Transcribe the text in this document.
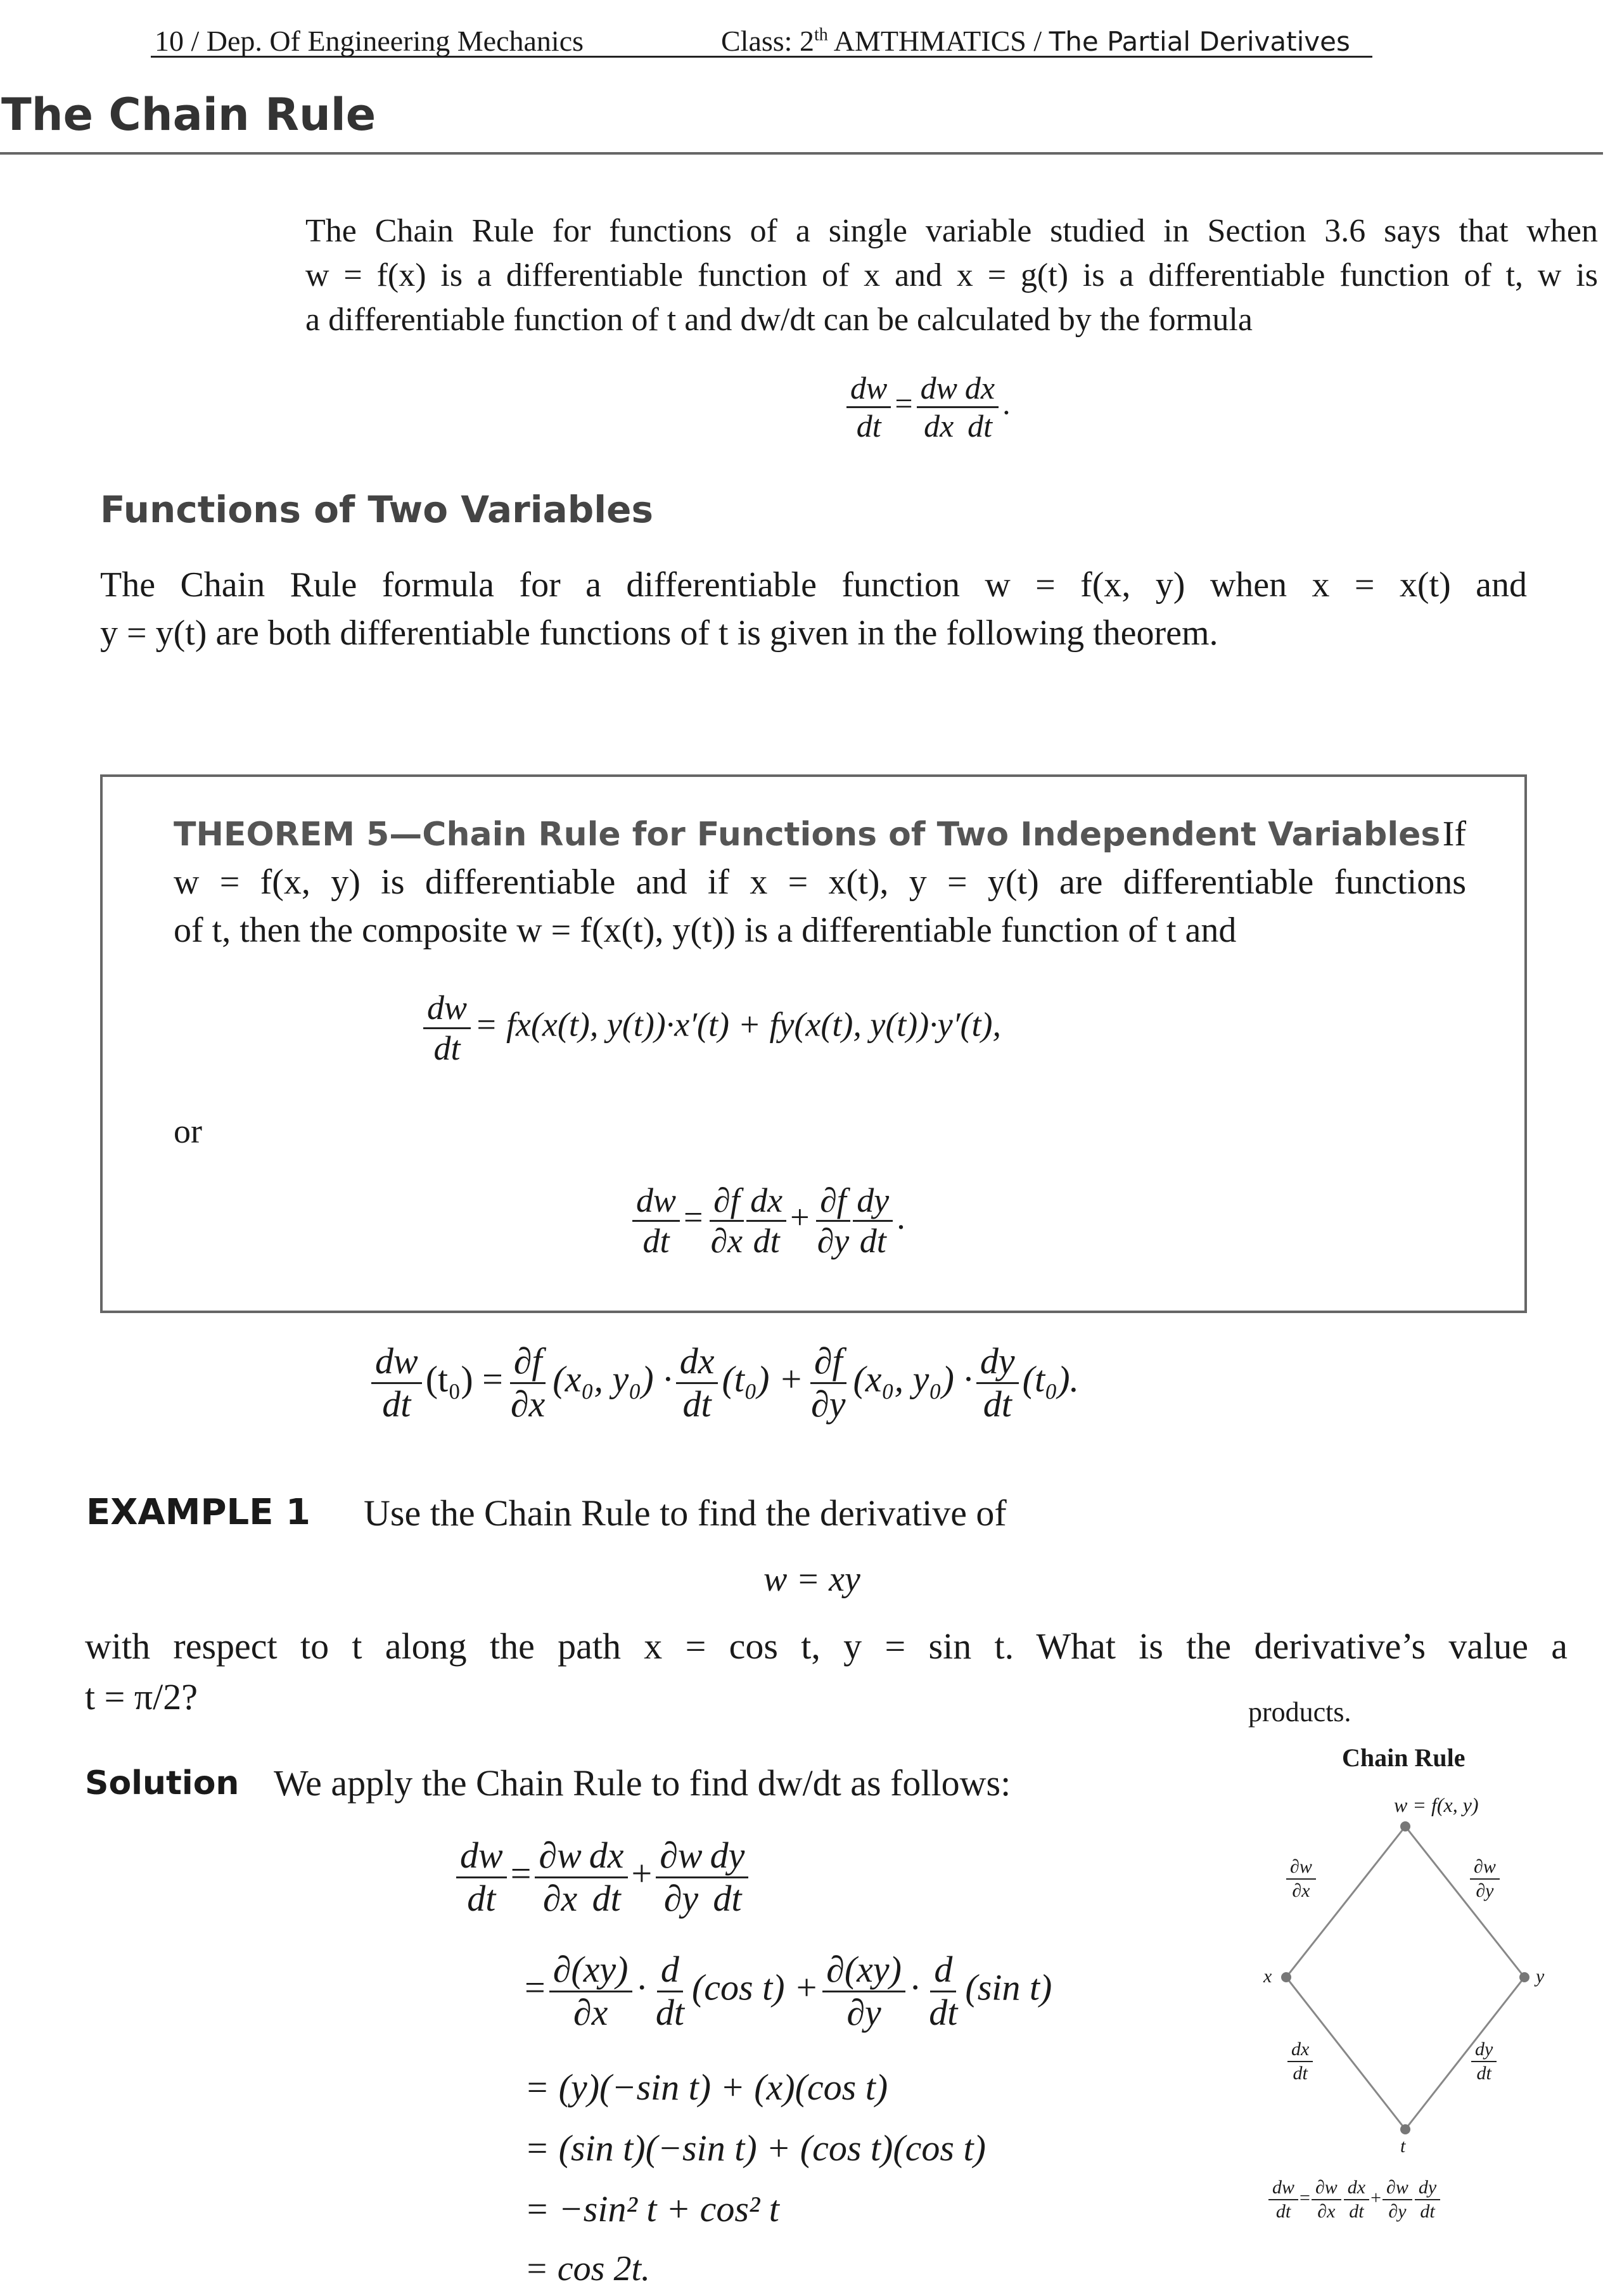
10 / Dep. Of Engineering Mechanics	Class: 2th AMTHMATICS / The Partial Derivatives
The Chain Rule
The Chain Rule for functions of a single variable studied in Section 3.6 says that when
w = f(x) is a differentiable function of x and x = g(t) is a differentiable function of t, w is
a differentiable function of t and dw/dt can be calculated by the formula
$\frac{dw}{dt} = \frac{dw}{dx} \frac{dx}{dt}$ .
Functions of Two Variables
The Chain Rule formula for a differentiable function w = f(x, y) when x = x(t) and
y = y(t) are both differentiable functions of t is given in the following theorem.
THEOREM 5—Chain Rule for Functions of Two Independent Variables If
w = f(x, y) is differentiable and if x = x(t), y = y(t) are differentiable functions
of t, then the composite w = f(x(t), y(t)) is a differentiable function of t and
$\frac{dw}{dt} = fx(x(t)$, y(t))·x′(t) + fy(x(t), y(t))·y′(t),
or
$\frac{dw}{dt} = \frac{\partial f}{\partial x} \frac{dx}{dt} + \frac{\partial f}{\partial y} \frac{dy}{dt}$ .
$\frac{dw}{dt} (t_0) = \frac{\partial f}{\partial x} (x_0$, $y_0) \cdot \frac{dx}{dt} (t_0) + \frac{\partial f}{\partial y} (x_0$, $y_0) \cdot \frac{dy}{dt} (t_0)$.
EXAMPLE 1 Use the Chain Rule to find the derivative of
w = xy
with respect to t along the path x = cos t, y = sin t. What is the derivative’s value a
t = π/2?	products.
Solution We apply the Chain Rule to find dw/dt as follows:
$\frac{dw}{dt} = \frac{\partial w}{\partial x} \frac{dx}{dt} + \frac{\partial w}{\partial y} \frac{dy}{dt}$
= $\frac{\partial(xy)}{\partial x} \cdot \frac{d}{dt} (\cos$ $t) + \frac{\partial(xy)}{\partial y} \cdot \frac{d}{dt} (\sin$ t)
= (y)(−sin t) + (x)(cos t)
= (sin t)(−sin t) + (cos t)(cos t)
= −sin² t + cos² t
= cos 2t.
Chain Rule
w = f(x, y)
x	y
t
$\frac{\partial w}{\partial x}$	$\frac{\partial w}{\partial y}$
$\frac{dx}{dt}$	$\frac{dy}{dt}$
$\frac{dw}{dt} = \frac{\partial w}{\partial x} \frac{dx}{dt} + \frac{\partial w}{\partial y} \frac{dy}{dt}$
